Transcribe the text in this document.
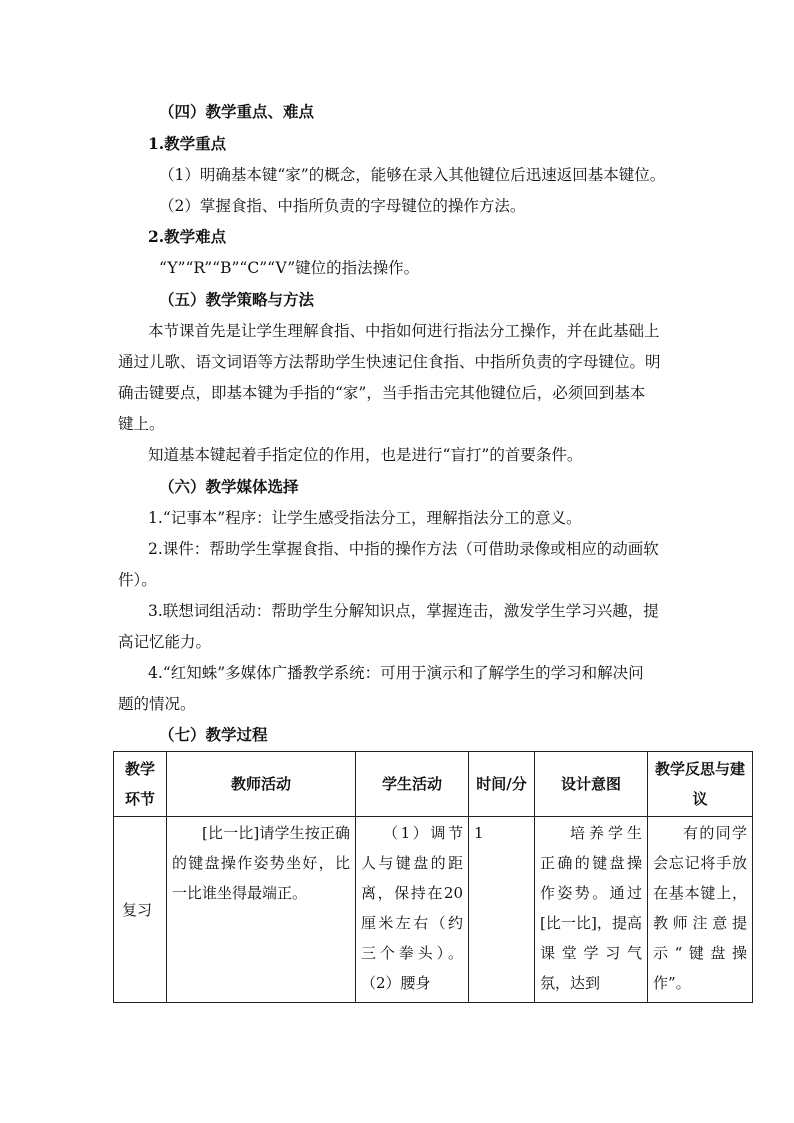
（四）教学重点、难点
1.教学重点
（1）明确基本键“家”的概念，能够在录入其他键位后迅速返回基本键位。
（2）掌握食指、中指所负责的字母键位的操作方法。
2.教学难点
“Y”“R”“B”“C”“V”键位的指法操作。
（五）教学策略与方法
本节课首先是让学生理解食指、中指如何进行指法分工操作，并在此基础上
通过儿歌、语文词语等方法帮助学生快速记住食指、中指所负责的字母键位。明
确击键要点，即基本键为手指的“家”，当手指击完其他键位后，必须回到基本
键上。
知道基本键起着手指定位的作用，也是进行“盲打”的首要条件。
（六）教学媒体选择
1.“记事本”程序：让学生感受指法分工，理解指法分工的意义。
2.课件：帮助学生掌握食指、中指的操作方法（可借助录像或相应的动画软
件）。
3.联想词组活动：帮助学生分解知识点，掌握连击，激发学生学习兴趣，提
高记忆能力。
4.“红知蛛”多媒体广播教学系统：可用于演示和了解学生的学习和解决问
题的情况。
（七）教学过程
教学环节	教师活动	学生活动	时间/分	设计意图	教学反思与建议

复习	[比一比]请学生按正确的键盘操作姿势坐好，比一比谁坐得最端正。	（1）调节人与键盘的距离，保持在20厘米左右（约三个拳头）。（2）腰身	1	培养学生正确的键盘操作姿势。通过[比一比]，提高课堂学习气氛，达到	有的同学会忘记将手放在基本键上，教师注意提示“键盘操作”。
